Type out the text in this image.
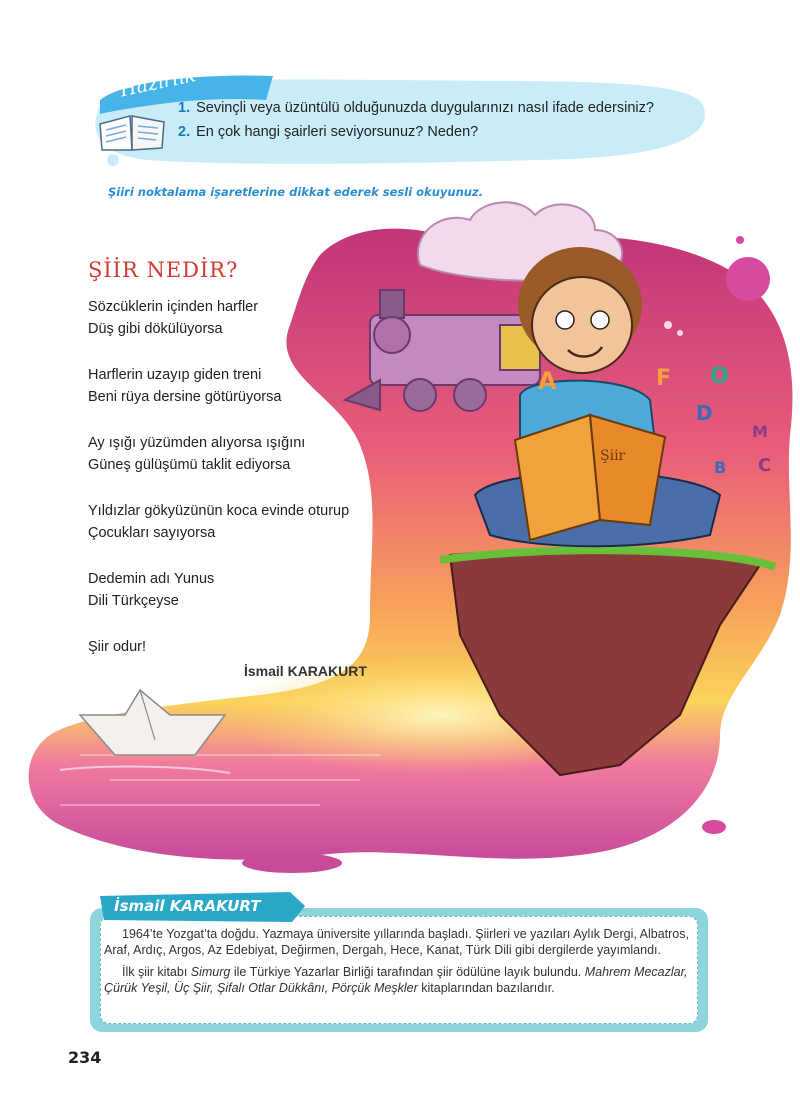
Hazırlık
1. Sevinçli veya üzüntülü olduğunuzda duygularınızı nasıl ifade edersiniz?
2. En çok hangi şairleri seviyorsunuz? Neden?
Şiiri noktalama işaretlerine dikkat ederek sesli okuyunuz.
Şiir
A	F O
D
M
C
B
ŞİİR NEDİR?
Sözcüklerin içinden harfler
Düş gibi dökülüyorsa
Harflerin uzayıp giden treni
Beni rüya dersine götürüyorsa
Ay ışığı yüzümden alıyorsa ışığını
Güneş gülüşümü taklit ediyorsa
Yıldızlar gökyüzünün koca evinde oturup
Çocukları sayıyorsa
Dedemin adı Yunus
Dili Türkçeyse
Şiir odur!
İsmail KARAKURT
İsmail KARAKURT

1964’te Yozgat’ta doğdu. Yazmaya üniversite yıllarında başladı. Şiirleri ve yazıları Aylık Dergi, Albatros, Araf, Ardıç, Argos, Az Edebiyat, Değirmen, Dergah, Hece, Kanat, Türk Dili gibi dergilerde yayımlandı.

İlk şiir kitabı Simurg ile Türkiye Yazarlar Birliği tarafından şiir ödülüne layık bulundu. Mahrem Mecazlar, Çürük Yeşil, Üç Şiir, Şifalı Otlar Dükkânı, Pörçük Meşkler kitaplarından bazılarıdır.

234
